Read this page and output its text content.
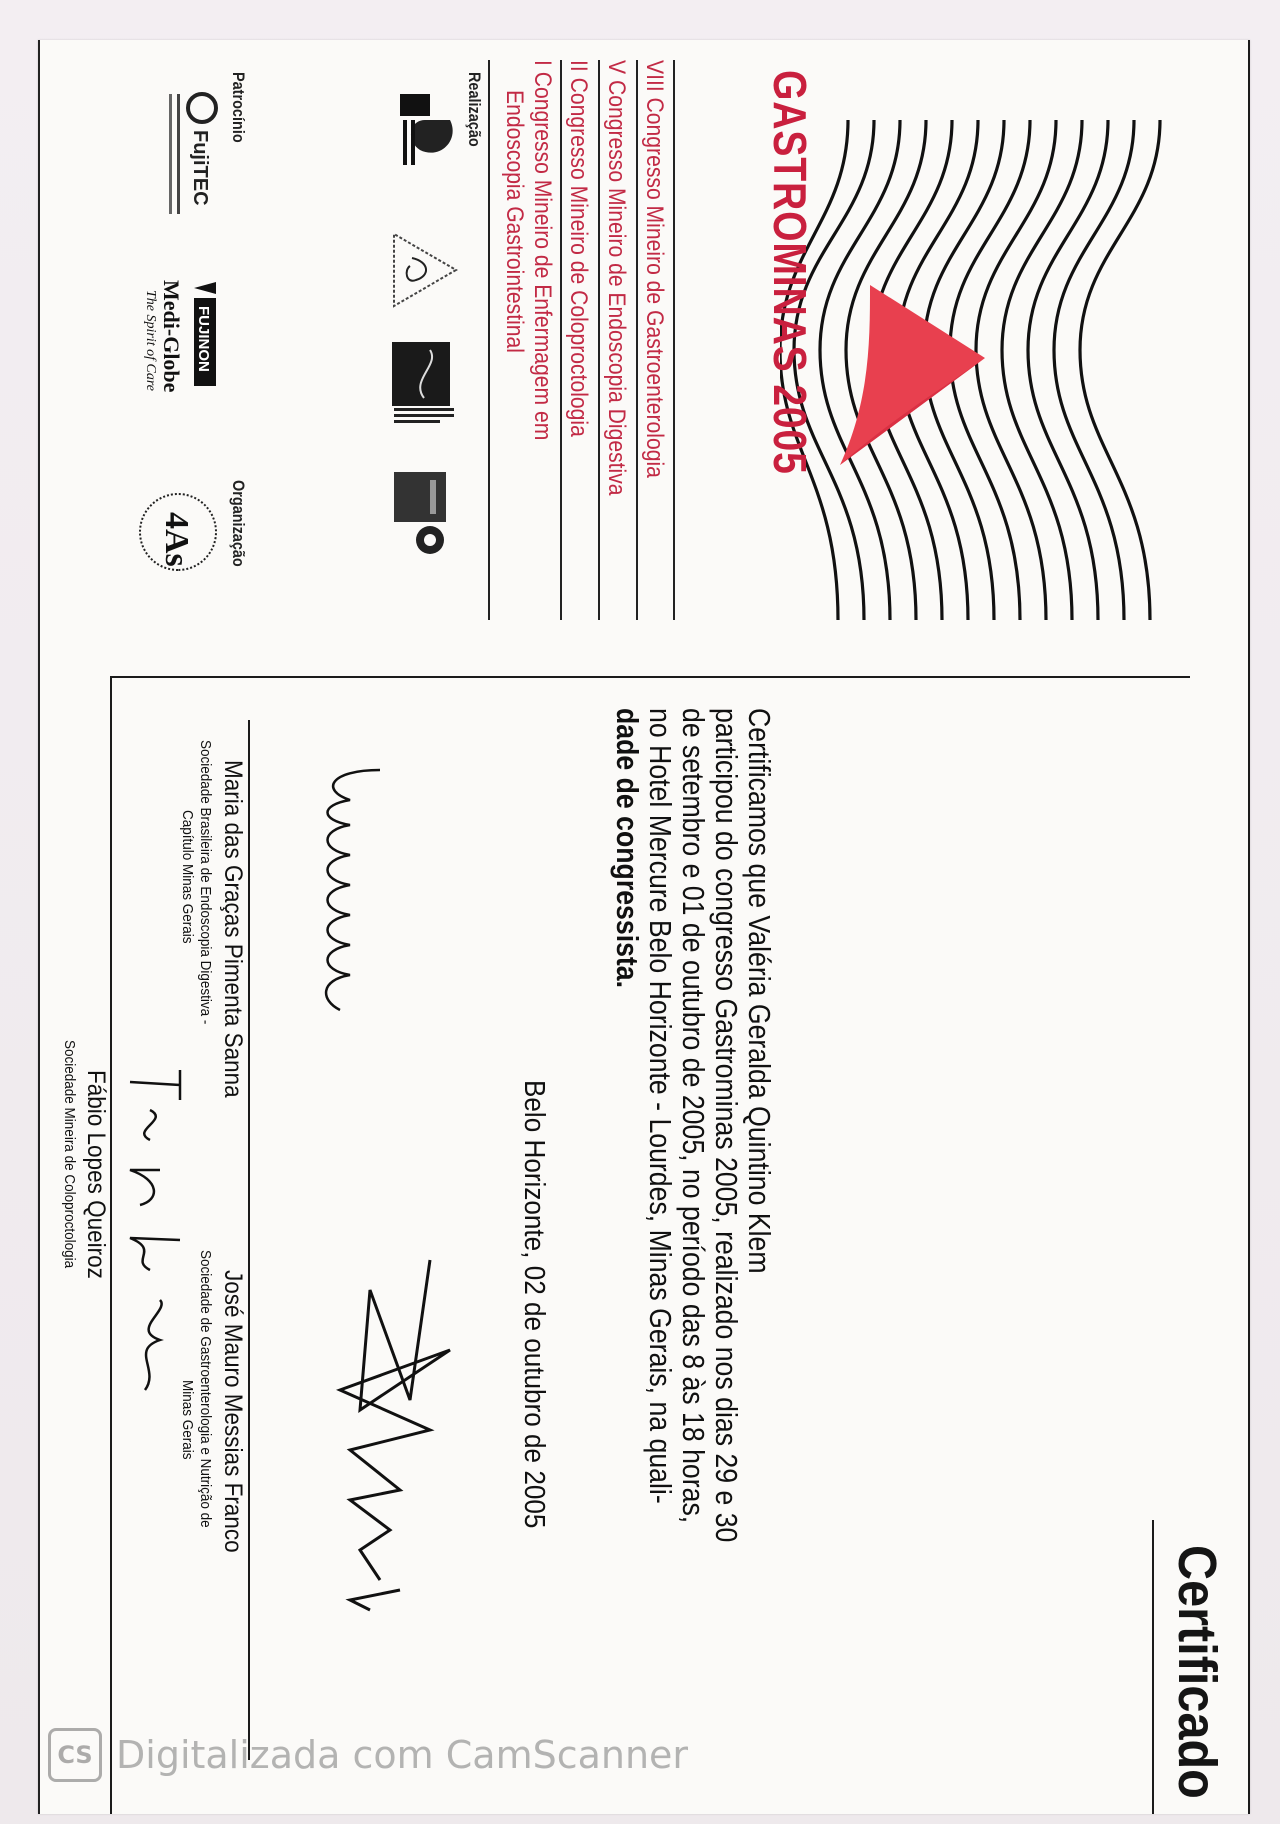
GASTROMINAS 2005
VIII Congresso Mineiro de Gastroenterologia
V Congresso Mineiro de Endoscopia Digestiva
II Congresso Mineiro de Coloproctologia
I Congresso Mineiro de Enfermagem em
Endoscopia Gastrointestinal
Realização
Patrocínio
FujiTEC
FUJINON
Medi-Globe
The Spirit of Care
Organização
4As
Certificado
Certificamos que Valéria Geralda Quintino Klem
participou do congresso Gastrominas 2005, realizado nos dias 29 e 30
de setembro e 01 de outubro de 2005, no período das 8 às 18 horas,
no Hotel Mercure Belo Horizonte - Lourdes, Minas Gerais, na quali-
dade de congressista.
Belo Horizonte, 02 de outubro de 2005
José Mauro Messias Franco
Sociedade de Gastroenterologia e Nutrição de
Minas Gerais
Maria das Graças Pimenta Sanna
Sociedade Brasileira de Endoscopia Digestiva -
Capítulo Minas Gerais
Fábio Lopes Queiroz
Sociedade Mineira de Coloproctologia
CS Digitalizada com CamScanner
